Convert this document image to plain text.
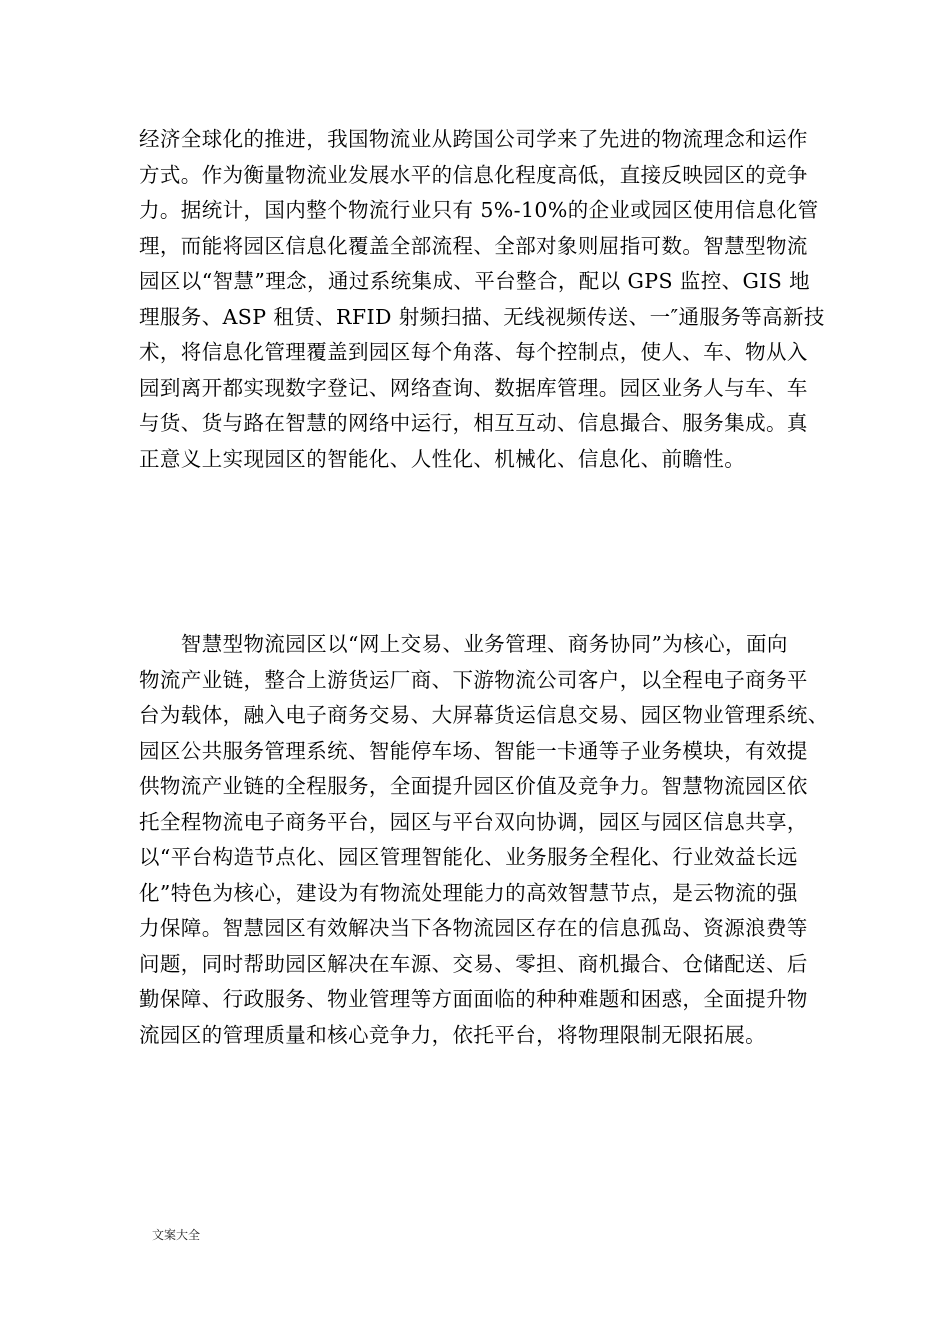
经济全球化的推进，我国物流业从跨国公司学来了先进的物流理念和运作
方式。作为衡量物流业发展水平的信息化程度高低，直接反映园区的竞争
力。据统计，国内整个物流行业只有 5%-10%的企业或园区使用信息化管
理，而能将园区信息化覆盖全部流程、全部对象则屈指可数。智慧型物流
园区以“智慧”理念，通过系统集成、平台整合，配以 GPS 监控、GIS 地
理服务、ASP 租赁、RFID 射频扫描、无线视频传送、一″通服务等高新技
术，将信息化管理覆盖到园区每个角落、每个控制点，使人、车、物从入
园到离开都实现数字登记、网络查询、数据库管理。园区业务人与车、车
与货、货与路在智慧的网络中运行，相互互动、信息撮合、服务集成。真
正意义上实现园区的智能化、人性化、机械化、信息化、前瞻性。
　　智慧型物流园区以“网上交易、业务管理、商务协同”为核心，面向
物流产业链，整合上游货运厂商、下游物流公司客户，以全程电子商务平
台为载体，融入电子商务交易、大屏幕货运信息交易、园区物业管理系统、
园区公共服务管理系统、智能停车场、智能一卡通等子业务模块，有效提
供物流产业链的全程服务，全面提升园区价值及竞争力。智慧物流园区依
托全程物流电子商务平台，园区与平台双向协调，园区与园区信息共享，
以“平台构造节点化、园区管理智能化、业务服务全程化、行业效益长远
化”特色为核心，建设为有物流处理能力的高效智慧节点，是云物流的强
力保障。智慧园区有效解决当下各物流园区存在的信息孤岛、资源浪费等
问题，同时帮助园区解决在车源、交易、零担、商机撮合、仓储配送、后
勤保障、行政服务、物业管理等方面面临的种种难题和困惑，全面提升物
流园区的管理质量和核心竞争力，依托平台，将物理限制无限拓展。
文案大全
